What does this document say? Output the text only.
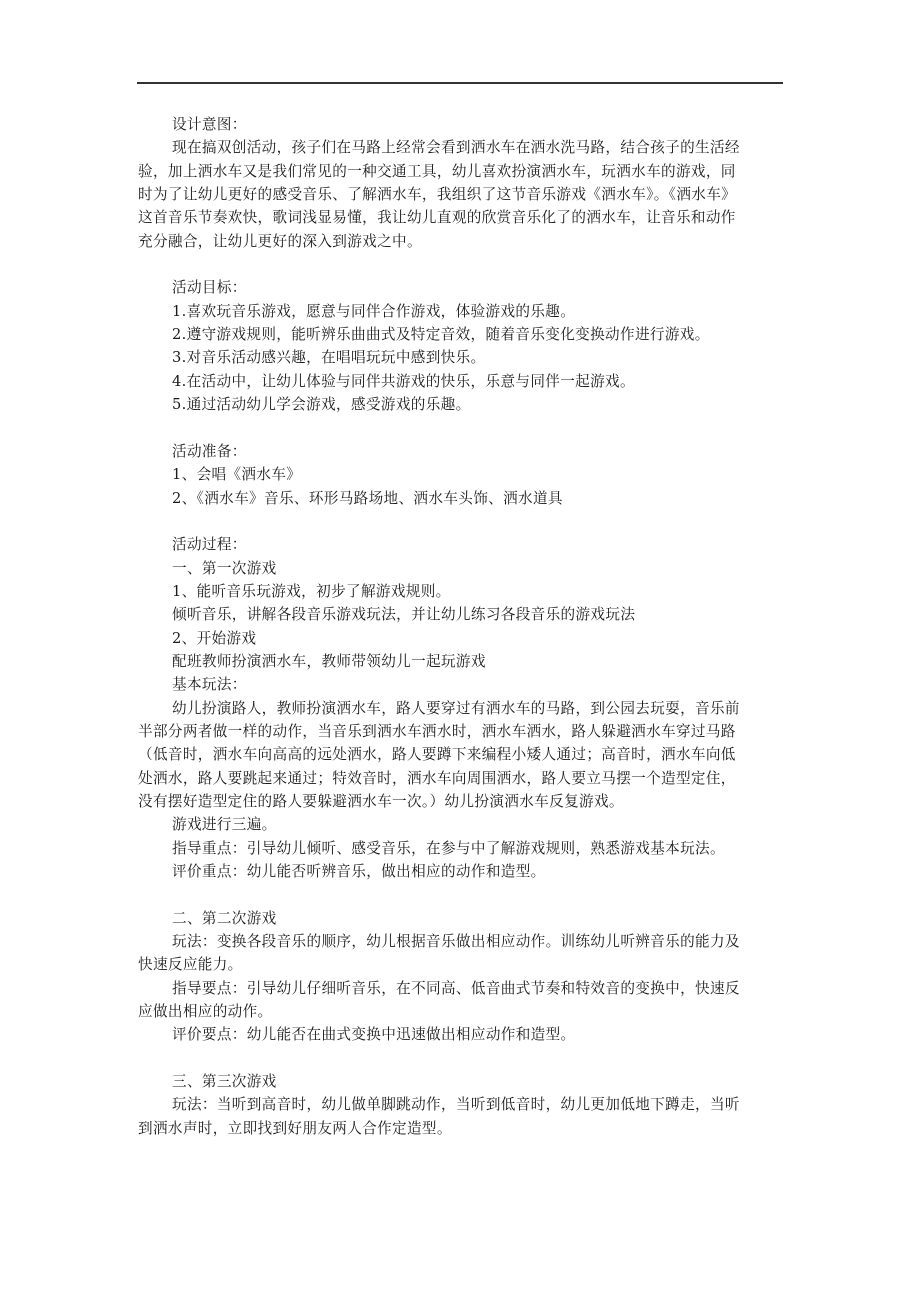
设计意图：
现在搞双创活动，孩子们在马路上经常会看到洒水车在洒水洗马路，结合孩子的生活经
验，加上洒水车又是我们常见的一种交通工具，幼儿喜欢扮演洒水车，玩洒水车的游戏，同
时为了让幼儿更好的感受音乐、了解洒水车，我组织了这节音乐游戏《洒水车》。《洒水车》
这首音乐节奏欢快，歌词浅显易懂，我让幼儿直观的欣赏音乐化了的洒水车，让音乐和动作
充分融合，让幼儿更好的深入到游戏之中。
活动目标：
1.喜欢玩音乐游戏，愿意与同伴合作游戏，体验游戏的乐趣。
2.遵守游戏规则，能听辨乐曲曲式及特定音效，随着音乐变化变换动作进行游戏。
3.对音乐活动感兴趣，在唱唱玩玩中感到快乐。
4.在活动中，让幼儿体验与同伴共游戏的快乐，乐意与同伴一起游戏。
5.通过活动幼儿学会游戏，感受游戏的乐趣。
活动准备：
1、会唱《洒水车》
2、《洒水车》音乐、环形马路场地、洒水车头饰、洒水道具
活动过程：
一、第一次游戏
1、能听音乐玩游戏，初步了解游戏规则。
倾听音乐，讲解各段音乐游戏玩法，并让幼儿练习各段音乐的游戏玩法
2、开始游戏
配班教师扮演洒水车，教师带领幼儿一起玩游戏
基本玩法：
幼儿扮演路人，教师扮演洒水车，路人要穿过有洒水车的马路，到公园去玩耍，音乐前
半部分两者做一样的动作，当音乐到洒水车洒水时，洒水车洒水，路人躲避洒水车穿过马路
（低音时，洒水车向高高的远处洒水，路人要蹲下来编程小矮人通过；高音时，洒水车向低
处洒水，路人要跳起来通过；特效音时，洒水车向周围洒水，路人要立马摆一个造型定住，
没有摆好造型定住的路人要躲避洒水车一次。）幼儿扮演洒水车反复游戏。
游戏进行三遍。
指导重点：引导幼儿倾听、感受音乐，在参与中了解游戏规则，熟悉游戏基本玩法。
评价重点：幼儿能否听辨音乐，做出相应的动作和造型。
二、第二次游戏
玩法：变换各段音乐的顺序，幼儿根据音乐做出相应动作。训练幼儿听辨音乐的能力及
快速反应能力。
指导要点：引导幼儿仔细听音乐，在不同高、低音曲式节奏和特效音的变换中，快速反
应做出相应的动作。
评价要点：幼儿能否在曲式变换中迅速做出相应动作和造型。
三、第三次游戏
玩法：当听到高音时，幼儿做单脚跳动作，当听到低音时，幼儿更加低地下蹲走，当听
到洒水声时，立即找到好朋友两人合作定造型。
